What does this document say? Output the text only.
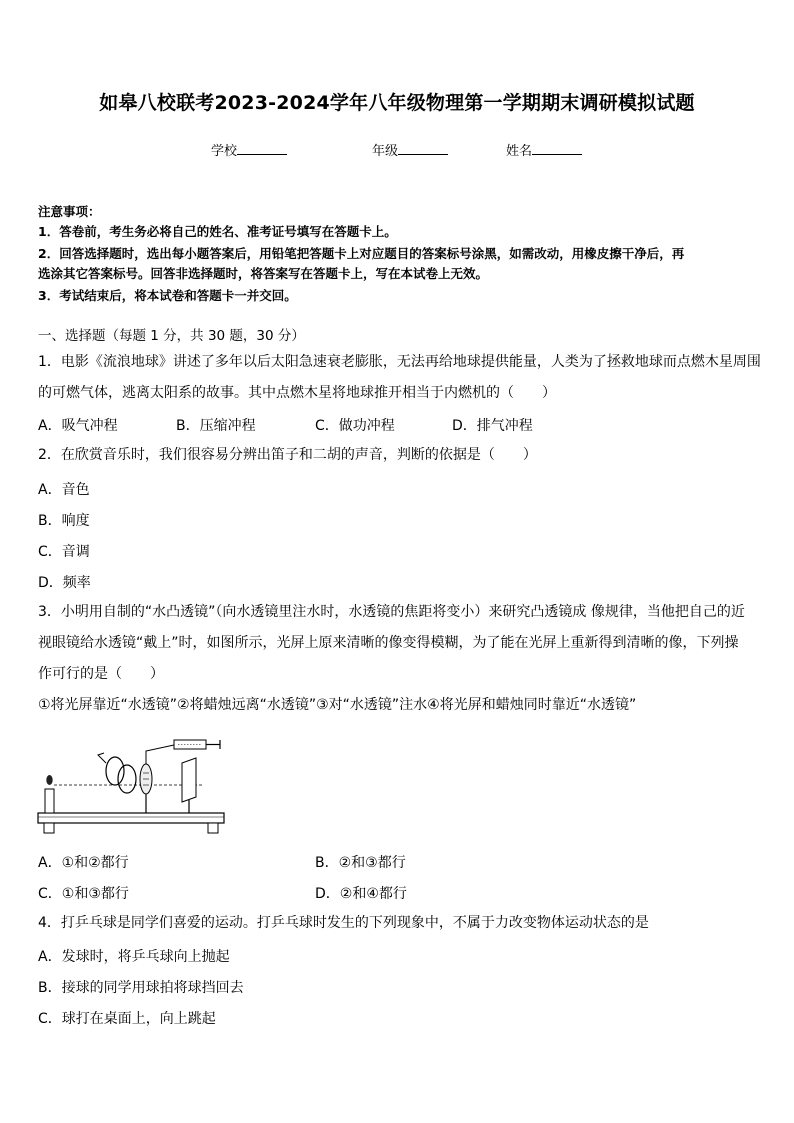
如皋八校联考2023-2024学年八年级物理第一学期期末调研模拟试题
学校	年级	姓名
注意事项：
1．答卷前，考生务必将自己的姓名、准考证号填写在答题卡上。
2．回答选择题时，选出每小题答案后，用铅笔把答题卡上对应题目的答案标号涂黑，如需改动，用橡皮擦干净后，再
选涂其它答案标号。回答非选择题时，将答案写在答题卡上，写在本试卷上无效。
3．考试结束后，将本试卷和答题卡一并交回。
一、选择题（每题 1 分，共 30 题，30 分）
1．电影《流浪地球》讲述了多年以后太阳急速衰老膨胀，无法再给地球提供能量，人类为了拯救地球而点燃木星周围
的可燃气体，逃离太阳系的故事。其中点燃木星将地球推开相当于内燃机的（　　）
A．吸气冲程	B．压缩冲程	C．做功冲程	D．排气冲程
2．在欣赏音乐时，我们很容易分辨出笛子和二胡的声音，判断的依据是（　　）
A．音色
B．响度
C．音调
D．频率
3．小明用自制的“水凸透镜”（向水透镜里注水时，水透镜的焦距将变小）来研究凸透镜成 像规律，当他把自己的近
视眼镜给水透镜“戴上”时，如图所示，光屏上原来清晰的像变得模糊，为了能在光屏上重新得到清晰的像，下列操
作可行的是（　　）
①将光屏靠近“水透镜”②将蜡烛远离“水透镜”③对“水透镜”注水④将光屏和蜡烛同时靠近“水透镜”
A．①和②都行	B．②和③都行
C．①和③都行	D．②和④都行
4．打乒乓球是同学们喜爱的运动。打乒乓球时发生的下列现象中，不属于力改变物体运动状态的是
A．发球时，将乒乓球向上抛起
B．接球的同学用球拍将球挡回去
C．球打在桌面上，向上跳起
